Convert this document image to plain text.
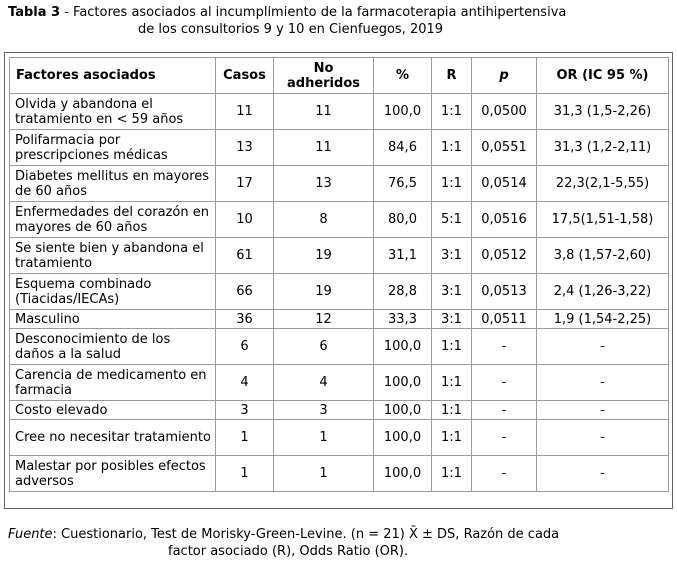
Tabla 3 - Factores asociados al incumplimiento de la farmacoterapia antihipertensiva
de los consultorios 9 y 10 en Cienfuegos, 2019
Factores asociados	Casos	No adheridos	%	R	p	OR (IC 95 %)
Olvida y abandona el tratamiento en < 59 años	11	11	100,0	1:1	0,0500	31,3 (1,5-2,26)
Polifarmacia por prescripciones médicas	13	11	84,6	1:1	0,0551	31,3 (1,2-2,11)
Diabetes mellitus en mayores de 60 años	17	13	76,5	1:1	0,0514	22,3(2,1-5,55)
Enfermedades del corazón en mayores de 60 años	10	8	80,0	5:1	0,0516	17,5(1,51-1,58)
Se siente bien y abandona el tratamiento	61	19	31,1	3:1	0,0512	3,8 (1,57-2,60)
Esquema combinado (Tiacidas/IECAs)	66	19	28,8	3:1	0,0513	2,4 (1,26-3,22)
Masculino	36	12	33,3	3:1	0,0511	1,9 (1,54-2,25)
Desconocimiento de los daños a la salud	6	6	100,0	1:1	-	-
Carencia de medicamento en farmacia	4	4	100,0	1:1	-	-
Costo elevado	3	3	100,0	1:1	-	-
Cree no necesitar tratamiento	1	1	100,0	1:1	-	-
Malestar por posibles efectos adversos	1	1	100,0	1:1	-	-
Fuente: Cuestionario, Test de Morisky-Green-Levine. (n = 21) X̄ ± DS, Razón de cada
factor asociado (R), Odds Ratio (OR).
